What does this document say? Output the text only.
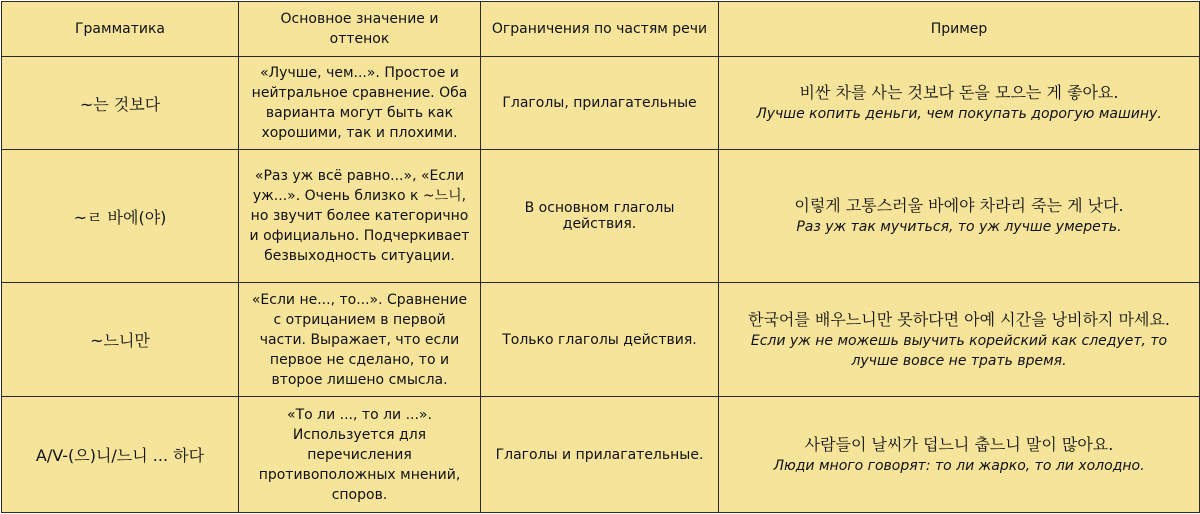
Грамматика	Основное значение и оттенок	Ограничения по частям речи	Пример
~는 것보다	«Лучше, чем...». Простое и нейтральное сравнение. Оба варианта могут быть как хорошими, так и плохими.	Глаголы, прилагательные	비싼 차를 사는 것보다 돈을 모으는 게 좋아요.
Лучше копить деньги, чем покупать дорогую машину.

~ㄹ 바에(야)	«Раз уж всё равно...», «Если уж...». Очень близко к ~느니, но звучит более категорично и официально. Подчеркивает безвыходность ситуации.	В основном глаголы действия.	이렇게 고통스러울 바에야 차라리 죽는 게 낫다.
Раз уж так мучиться, то уж лучше умереть.

~느니만	«Если не..., то...». Сравнение с отрицанием в первой части. Выражает, что если первое не сделано, то и второе лишено смысла.	Только глаголы действия.	한국어를 배우느니만 못하다면 아예 시간을 낭비하지 마세요.
Если уж не можешь выучить корейский как следует, то лучше вовсе не трать время.

A/V-(으)니/느니 ... 하다	«То ли ..., то ли ...». Используется для перечисления противоположных мнений, споров.	Глаголы и прилагательные.	사람들이 날씨가 덥느니 춥느니 말이 많아요.
Люди много говорят: то ли жарко, то ли холодно.
